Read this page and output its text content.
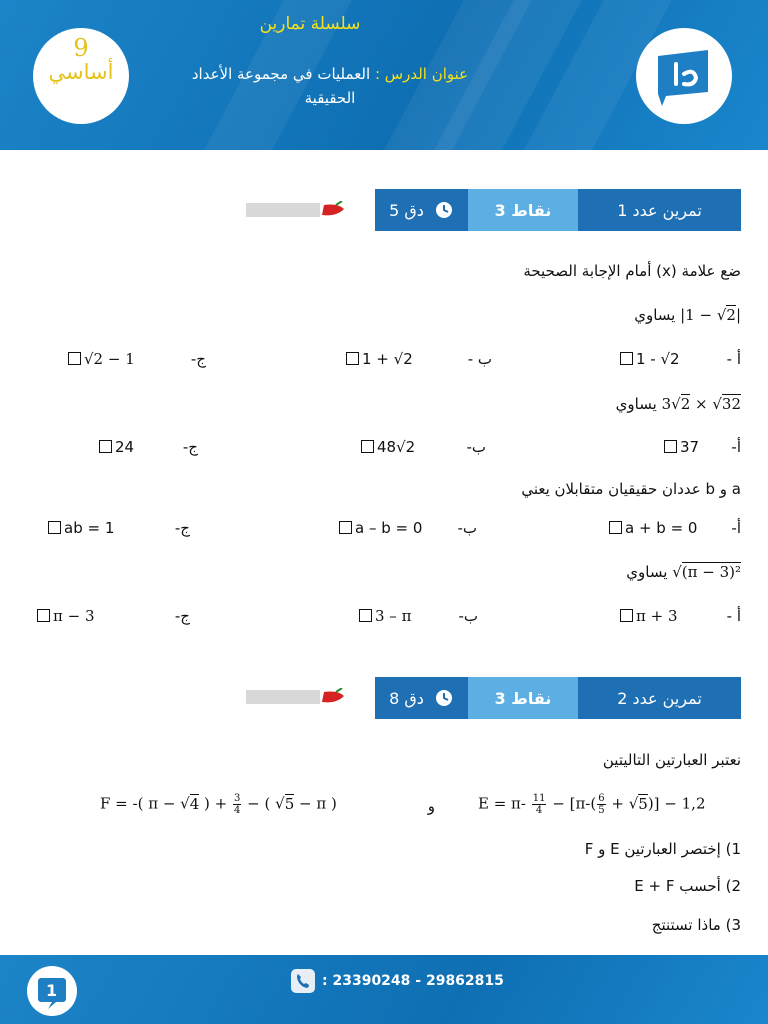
سلسلة تمارين
عنوان الدرس : العمليات في مجموعة الأعداد
الحقيقية
9
أساسي
5 دق	3 نقاط	تمرين عدد 1
ضع علامة (x) أمام الإجابة الصحيحة
|1 − √2| يساوي
1 - √2	أ -
1 + √2	ب -
√2 − 1	ج-
3√2 × √32 يساوي
37 أ-
48√2	ب-
24	ج-
a و b عددان حقيقيان متقابلان يعني
a + b = 0 أ-
a – b = 0 ب-
ab = 1	ج-
√(π − 3)² يساوي
π + 3	أ -
3 – π	ب-
π − 3	ج-
8 دق	3 نقاط	تمرين عدد 2
نعتبر العبارتين التاليتين
$E = \pi- \frac{11}{4} - [\pi-( \frac{6}{5} + √5)] - 1,2$
و
F = -( π − √4 ) + $\frac{3}{4}$ − ( √5 − π )
1) إختصر العبارتين E و F
2) أحسب E + F
3) ماذا تستنتج
1	: 23390248 - 29862815
